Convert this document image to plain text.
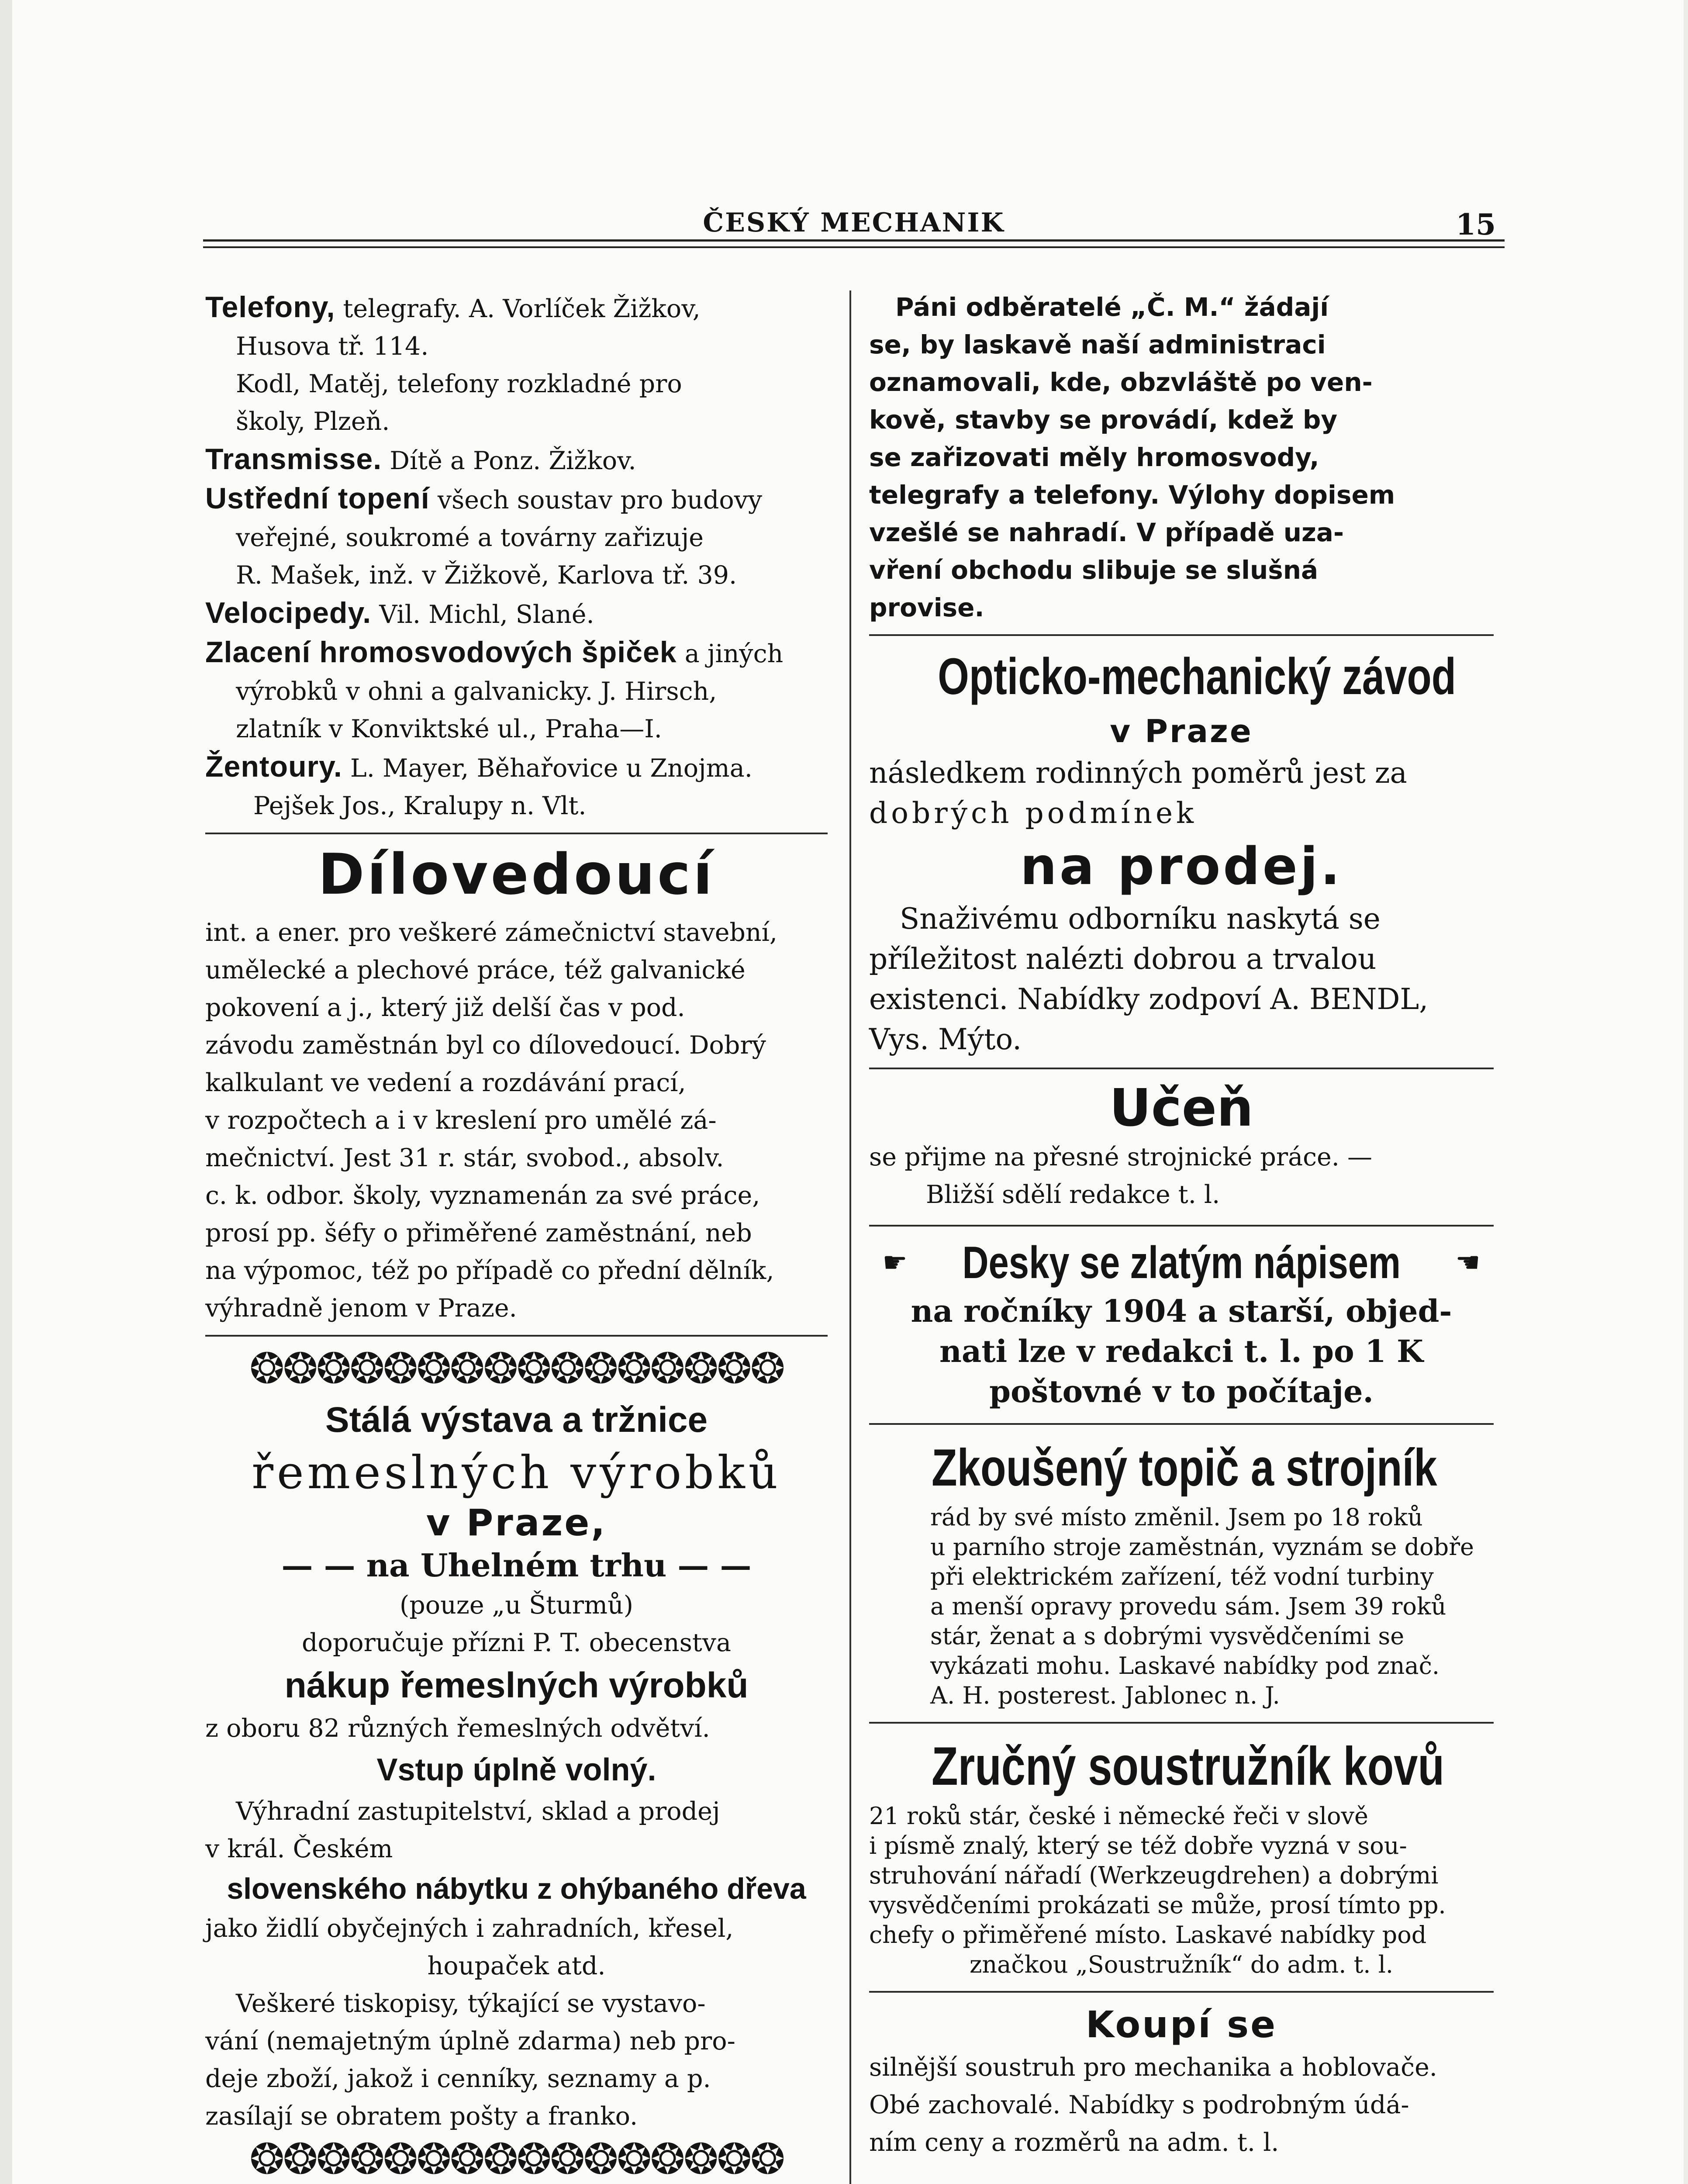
ČESKÝ MECHANIK	15

Telefony, telegrafy. A. Vorlíček Žižkov,

Husova tř. 114.

Kodl, Matěj, telefony rozkladné pro

školy, Plzeň.

Transmisse. Dítě a Ponz. Žižkov.

Ustřední topení všech soustav pro budovy

veřejné, soukromé a továrny zařizuje

R. Mašek, inž. v Žižkově, Karlova tř. 39.

Velocipedy. Vil. Michl, Slané.

Zlacení hromosvodových špiček a jiných

výrobků v ohni a galvanicky. J. Hirsch,

zlatník v Konviktské ul., Praha—I.

Žentoury. L. Mayer, Běhařovice u Znojma.

Pejšek Jos., Kralupy n. Vlt.

Dílovedoucí

int. a ener. pro veškeré zámečnictví stavební,

umělecké a plechové práce, též galvanické

pokovení a j., který již delší čas v pod.

závodu zaměstnán byl co dílovedoucí. Dobrý

kalkulant ve vedení a rozdávání prací,

v rozpočtech a i v kreslení pro umělé zá-

mečnictví. Jest 31 r. stár, svobod., absolv.

c. k. odbor. školy, vyznamenán za své práce,

prosí pp. šéfy o přiměřené zaměstnání, neb

na výpomoc, též po případě co přední dělník,

výhradně jenom v Praze.

❂❂❂❂❂❂❂❂❂❂❂❂❂❂❂❂

Stálá výstava a tržnice

řemeslných výrobků

v Praze,

— — na Uhelném trhu — —

(pouze „u Šturmů)

doporučuje přízni P. T. obecenstva

nákup řemeslných výrobků

z oboru 82 různých řemeslných odvětví.

Vstup úplně volný.

Výhradní zastupitelství, sklad a prodej

v král. Českém

slovenského nábytku z ohýbaného dřeva

jako židlí obyčejných i zahradních, křesel,

houpaček atd.

Veškeré tiskopisy, týkající se vystavo-

vání (nemajetným úplně zdarma) neb pro-

deje zboží, jakož i cenníky, seznamy a p.

zasílají se obratem pošty a franko.

❂❂❂❂❂❂❂❂❂❂❂❂❂❂❂❂

Páni odběratelé „Č. M.“ žádají

se, by laskavě naší administraci

oznamovali, kde, obzvláště po ven-

kově, stavby se provádí, kdež by

se zařizovati měly hromosvody,

telegrafy a telefony. Výlohy dopisem

vzešlé se nahradí. V případě uza-

vření obchodu slibuje se slušná

provise.

Opticko-mechanický závod

v Praze

následkem rodinných poměrů jest za

dobrých podmínek

na prodej.

Snaživému odborníku naskytá se

příležitost nalézti dobrou a trvalou

existenci. Nabídky zodpoví A. BENDL,

Vys. Mýto.

Učeň

se přijme na přesné strojnické práce. —

Bližší sdělí redakce t. l.

☛ Desky se zlatým nápisem ☚

na ročníky 1904 a starší, objed-

nati lze v redakci t. l. po 1 K

poštovné v to počítaje.

Zkoušený topič a strojník

rád by své místo změnil. Jsem po 18 roků

u parního stroje zaměstnán, vyznám se dobře

při elektrickém zařízení, též vodní turbiny

a menší opravy provedu sám. Jsem 39 roků

stár, ženat a s dobrými vysvědčeními se

vykázati mohu. Laskavé nabídky pod znač.

A. H. posterest. Jablonec n. J.

Zručný soustružník kovů

21 roků stár, české i německé řeči v slově

i písmě znalý, který se též dobře vyzná v sou-

struhování nářadí (Werkzeugdrehen) a dobrými

vysvědčeními prokázati se může, prosí tímto pp.

chefy o přiměřené místo. Laskavé nabídky pod

značkou „Soustružník“ do adm. t. l.

Koupí se

silnější soustruh pro mechanika a hoblovače.

Obé zachovalé. Nabídky s podrobným údá-

ním ceny a rozměrů na adm. t. l.
